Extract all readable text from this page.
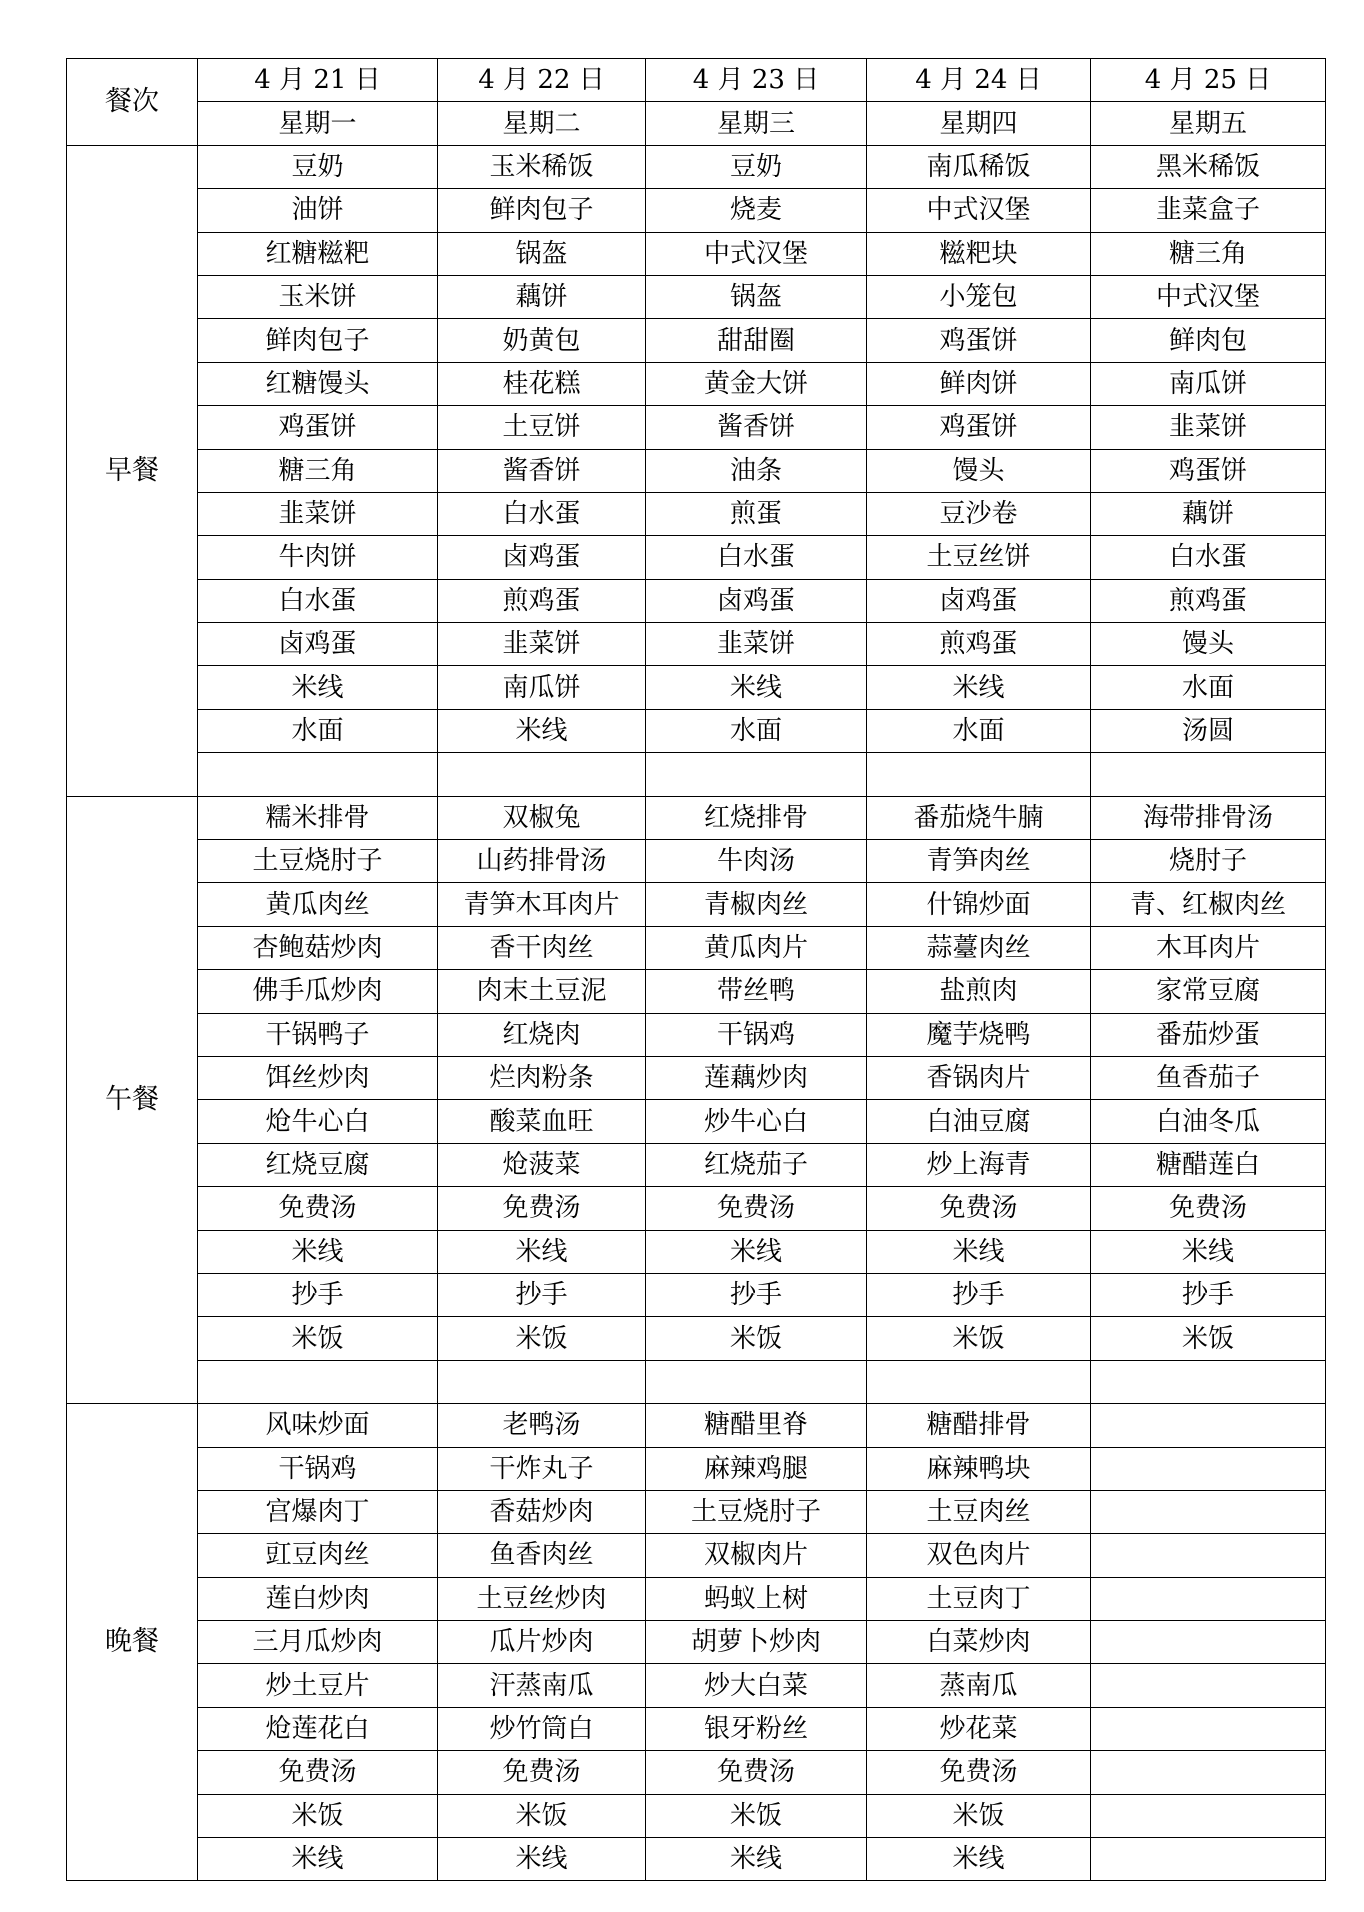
餐次	4 月 21 日	4 月 22 日	4 月 23 日	4 月 24 日	4 月 25 日
	星期一	星期二	星期三	星期四	星期五
早餐	豆奶	玉米稀饭	豆奶	南瓜稀饭	黑米稀饭
	油饼	鲜肉包子	烧麦	中式汉堡	韭菜盒子
	红糖糍粑	锅盔	中式汉堡	糍粑块	糖三角
	玉米饼	藕饼	锅盔	小笼包	中式汉堡
	鲜肉包子	奶黄包	甜甜圈	鸡蛋饼	鲜肉包
	红糖馒头	桂花糕	黄金大饼	鲜肉饼	南瓜饼
	鸡蛋饼	土豆饼	酱香饼	鸡蛋饼	韭菜饼
	糖三角	酱香饼	油条	馒头	鸡蛋饼
	韭菜饼	白水蛋	煎蛋	豆沙卷	藕饼
	牛肉饼	卤鸡蛋	白水蛋	土豆丝饼	白水蛋
	白水蛋	煎鸡蛋	卤鸡蛋	卤鸡蛋	煎鸡蛋
	卤鸡蛋	韭菜饼	韭菜饼	煎鸡蛋	馒头
	米线	南瓜饼	米线	米线	水面
	水面	米线	水面	水面	汤圆

午餐	糯米排骨	双椒兔	红烧排骨	番茄烧牛腩	海带排骨汤
	土豆烧肘子	山药排骨汤	牛肉汤	青笋肉丝	烧肘子
	黄瓜肉丝	青笋木耳肉片	青椒肉丝	什锦炒面	青、红椒肉丝
	杏鲍菇炒肉	香干肉丝	黄瓜肉片	蒜薹肉丝	木耳肉片
	佛手瓜炒肉	肉末土豆泥	带丝鸭	盐煎肉	家常豆腐
	干锅鸭子	红烧肉	干锅鸡	魔芋烧鸭	番茄炒蛋
	饵丝炒肉	烂肉粉条	莲藕炒肉	香锅肉片	鱼香茄子
	炝牛心白	酸菜血旺	炒牛心白	白油豆腐	白油冬瓜
	红烧豆腐	炝菠菜	红烧茄子	炒上海青	糖醋莲白
	免费汤	免费汤	免费汤	免费汤	免费汤
	米线	米线	米线	米线	米线
	抄手	抄手	抄手	抄手	抄手
	米饭	米饭	米饭	米饭	米饭

晚餐	风味炒面	老鸭汤	糖醋里脊	糖醋排骨	
	干锅鸡	干炸丸子	麻辣鸡腿	麻辣鸭块	
	宫爆肉丁	香菇炒肉	土豆烧肘子	土豆肉丝	
	豇豆肉丝	鱼香肉丝	双椒肉片	双色肉片	
	莲白炒肉	土豆丝炒肉	蚂蚁上树	土豆肉丁	
	三月瓜炒肉	瓜片炒肉	胡萝卜炒肉	白菜炒肉	
	炒土豆片	汗蒸南瓜	炒大白菜	蒸南瓜	
	炝莲花白	炒竹筒白	银牙粉丝	炒花菜	
	免费汤	免费汤	免费汤	免费汤	
	米饭	米饭	米饭	米饭	
	米线	米线	米线	米线	
